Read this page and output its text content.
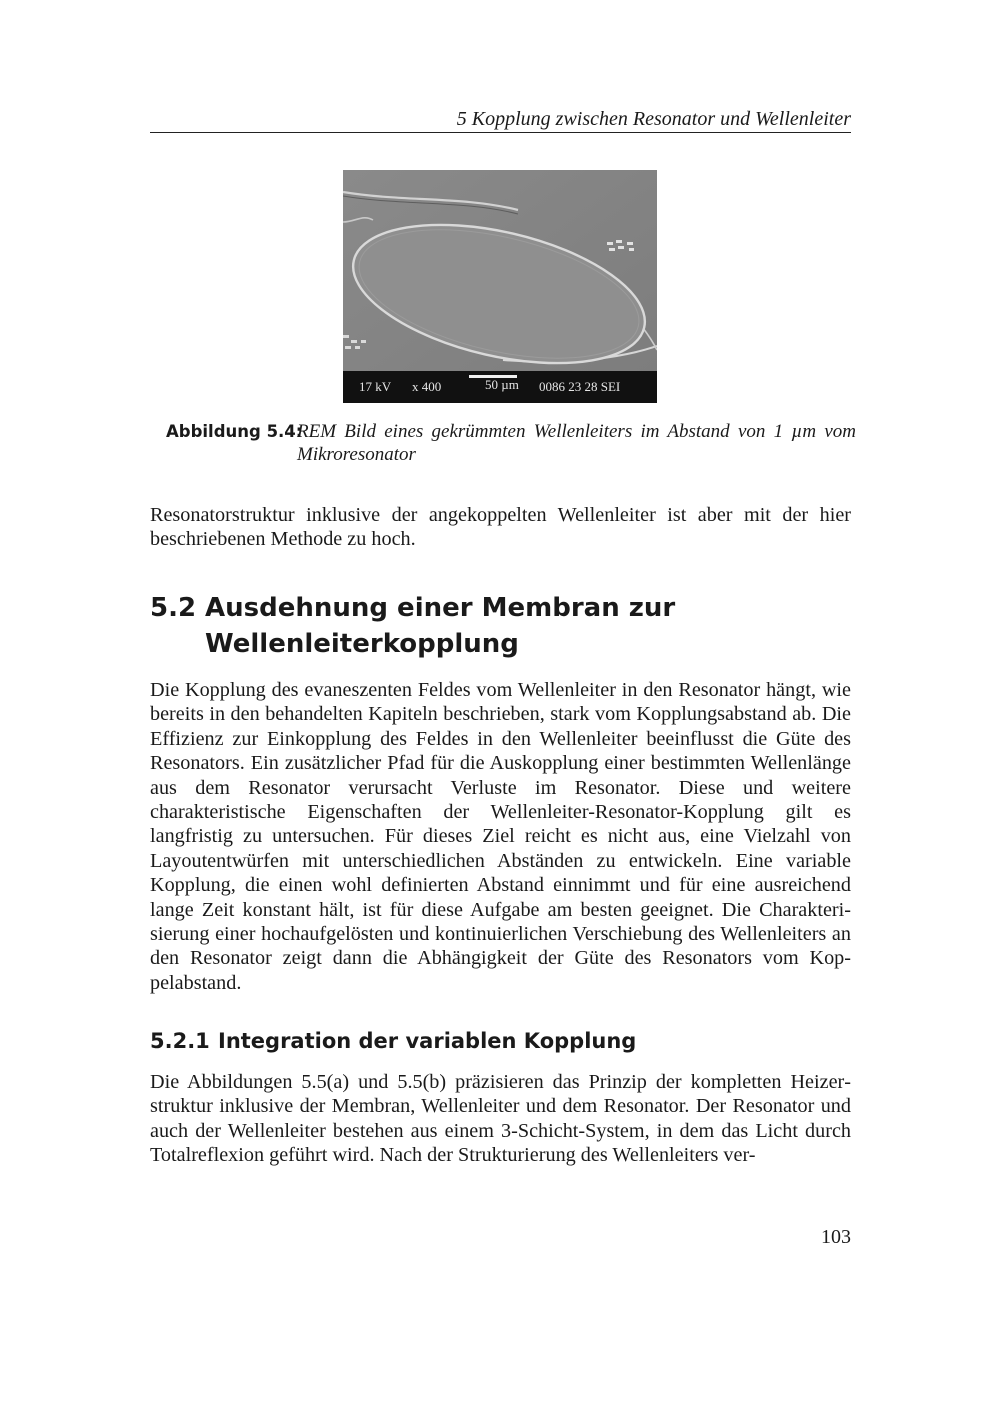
5 Kopplung zwischen Resonator und Wellenleiter
17 kV x 400	50 µm 0086 23 28 SEI
Abbildung 5.4:
REM Bild eines gekrümmten Wellenleiters im Abstand von 1 µm vom Mikroresonator

Resonatorstruktur inklusive der angekoppelten Wellenleiter ist aber mit der hier beschriebenen Methode zu hoch.

5.2 Ausdehnung einer Membran zur
Wellenleiterkopplung

Die Kopplung des evaneszenten Feldes vom Wellenleiter in den Resonator hängt, wie bereits in den behandelten Kapiteln beschrieben, stark vom Kopplungsabstand ab. Die Effizienz zur Einkopplung des Feldes in den Wellenleiter beeinflusst die Güte des Resonators. Ein zusätzlicher Pfad für die Auskopplung einer bestimmten Wellenlänge aus dem Resonator verursacht Verluste im Resonator. Diese und weitere charakteristische Eigenschaften der Wellenleiter-Resonator-Kopplung gilt es langfristig zu untersuchen. Für dieses Ziel reicht es nicht aus, eine Vielzahl von Layoutentwürfen mit unterschiedlichen Abständen zu entwickeln. Eine variable Kopplung, die einen wohl definierten Abstand einnimmt und für eine ausreichend lange Zeit konstant hält, ist für diese Aufgabe am besten geeignet. Die Charakterisierung einer hochaufgelösten und kontinuierlichen Verschiebung des Wellenleiters an den Resonator zeigt dann die Abhängigkeit der Güte des Resonators vom Koppelabstand.

5.2.1 Integration der variablen Kopplung

Die Abbildungen 5.5(a) und 5.5(b) präzisieren das Prinzip der kompletten Heizerstruktur inklusive der Membran, Wellenleiter und dem Resonator. Der Resonator und auch der Wellenleiter bestehen aus einem 3-Schicht-System, in dem das Licht durch Totalreflexion geführt wird. Nach der Strukturierung des Wellenleiters ver-

103
